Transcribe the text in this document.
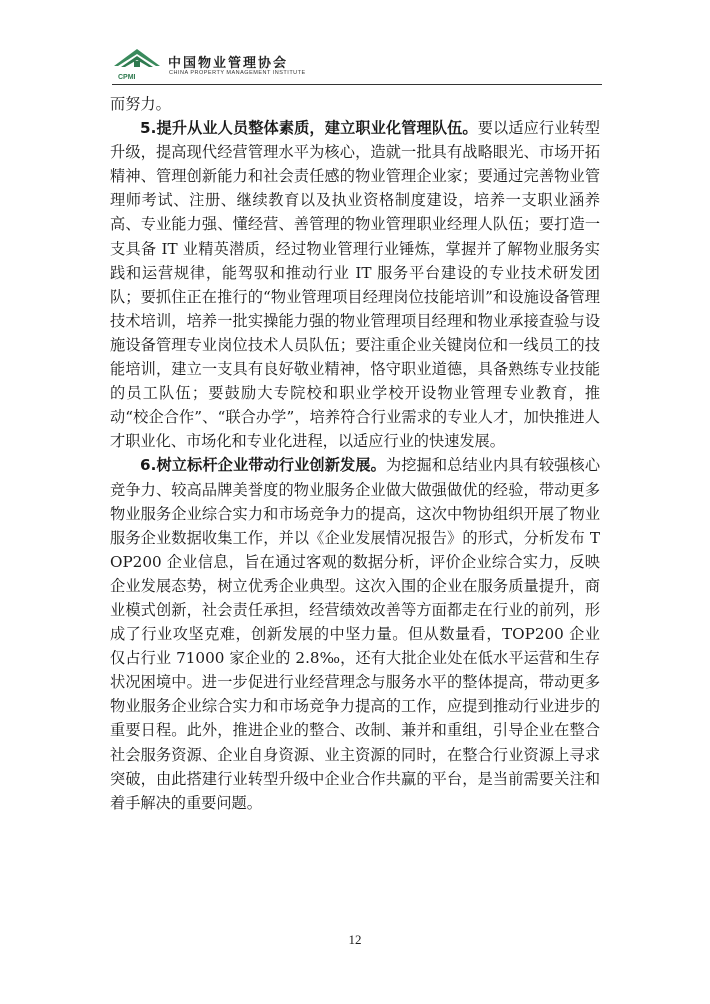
CPMI
中国物业管理协会
CHINA PROPERTY MANAGEMENT INSTITUTE

而努力。

5.提升从业人员整体素质，建立职业化管理队伍。要以适应行业转型升级，提高现代经营管理水平为核心，造就一批具有战略眼光、市场开拓精神、管理创新能力和社会责任感的物业管理企业家；要通过完善物业管理师考试、注册、继续教育以及执业资格制度建设，培养一支职业涵养高、专业能力强、懂经营、善管理的物业管理职业经理人队伍；要打造一支具备 IT 业精英潜质，经过物业管理行业锤炼，掌握并了解物业服务实践和运营规律，能驾驭和推动行业 IT 服务平台建设的专业技术研发团队；要抓住正在推行的“物业管理项目经理岗位技能培训”和设施设备管理技术培训，培养一批实操能力强的物业管理项目经理和物业承接查验与设施设备管理专业岗位技术人员队伍；要注重企业关键岗位和一线员工的技能培训，建立一支具有良好敬业精神，恪守职业道德，具备熟练专业技能的员工队伍；要鼓励大专院校和职业学校开设物业管理专业教育，推动“校企合作”、“联合办学”，培养符合行业需求的专业人才，加快推进人才职业化、市场化和专业化进程，以适应行业的快速发展。

6.树立标杆企业带动行业创新发展。为挖掘和总结业内具有较强核心竞争力、较高品牌美誉度的物业服务企业做大做强做优的经验，带动更多物业服务企业综合实力和市场竞争力的提高，这次中物协组织开展了物业服务企业数据收集工作，并以《企业发展情况报告》的形式，分析发布 TOP200 企业信息，旨在通过客观的数据分析，评价企业综合实力，反映企业发展态势，树立优秀企业典型。这次入围的企业在服务质量提升，商业模式创新，社会责任承担，经营绩效改善等方面都走在行业的前列，形成了行业攻坚克难，创新发展的中坚力量。但从数量看，TOP200 企业仅占行业 71000 家企业的 2.8‰，还有大批企业处在低水平运营和生存状况困境中。进一步促进行业经营理念与服务水平的整体提高，带动更多物业服务企业综合实力和市场竞争力提高的工作，应提到推动行业进步的重要日程。此外，推进企业的整合、改制、兼并和重组，引导企业在整合社会服务资源、企业自身资源、业主资源的同时，在整合行业资源上寻求突破，由此搭建行业转型升级中企业合作共赢的平台，是当前需要关注和着手解决的重要问题。

12
